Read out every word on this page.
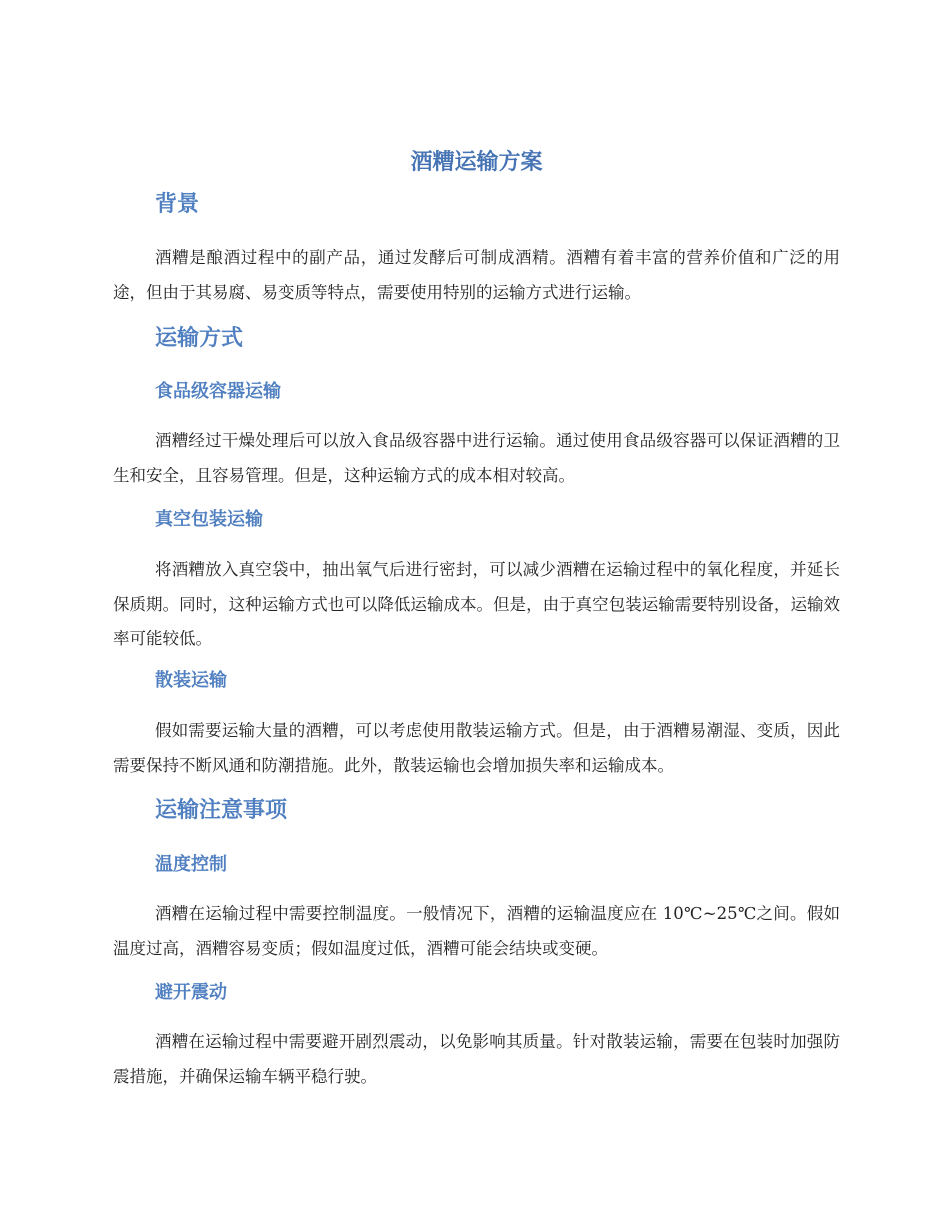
酒糟运输方案
背景

酒糟是酿酒过程中的副产品，通过发酵后可制成酒精。酒糟有着丰富的营养价值和广泛的用途，但由于其易腐、易变质等特点，需要使用特别的运输方式进行运输。

运输方式
食品级容器运输

酒糟经过干燥处理后可以放入食品级容器中进行运输。通过使用食品级容器可以保证酒糟的卫生和安全，且容易管理。但是，这种运输方式的成本相对较高。

真空包装运输

将酒糟放入真空袋中，抽出氧气后进行密封，可以减少酒糟在运输过程中的氧化程度，并延长保质期。同时，这种运输方式也可以降低运输成本。但是，由于真空包装运输需要特别设备，运输效率可能较低。

散装运输

假如需要运输大量的酒糟，可以考虑使用散装运输方式。但是，由于酒糟易潮湿、变质，因此需要保持不断风通和防潮措施。此外，散装运输也会增加损失率和运输成本。

运输注意事项
温度控制

酒糟在运输过程中需要控制温度。一般情况下，酒糟的运输温度应在 10℃~25℃之间。假如温度过高，酒糟容易变质；假如温度过低，酒糟可能会结块或变硬。

避开震动

酒糟在运输过程中需要避开剧烈震动，以免影响其质量。针对散装运输，需要在包装时加强防震措施，并确保运输车辆平稳行驶。
